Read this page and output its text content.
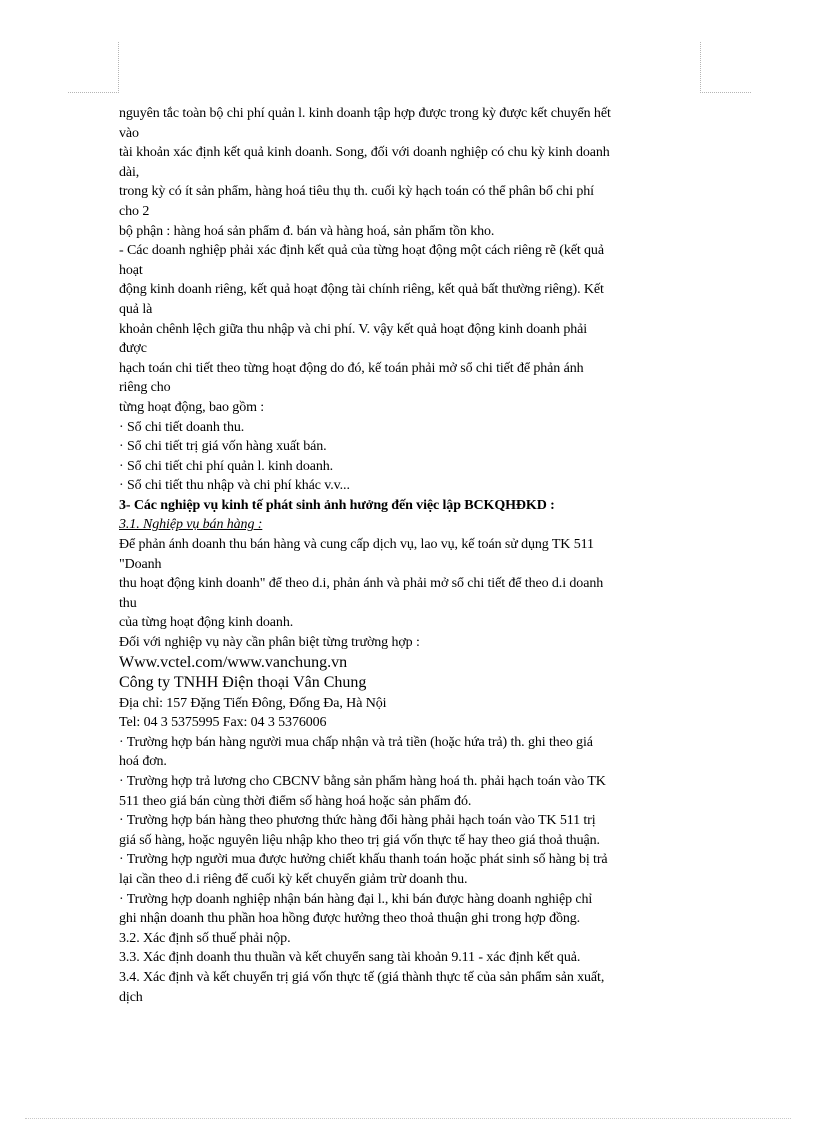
nguyên tắc toàn bộ chi phí quản l. kinh doanh tập hợp được trong kỳ được kết chuyển hết
vào
tài khoản xác định kết quả kinh doanh. Song, đối với doanh nghiệp có chu kỳ kinh doanh
dài,
trong kỳ có ít sản phẩm, hàng hoá tiêu thụ th. cuối kỳ hạch toán có thể phân bổ chi phí
cho 2
bộ phận : hàng hoá sản phẩm đ. bán và hàng hoá, sản phẩm tồn kho.
- Các doanh nghiệp phải xác định kết quả của từng hoạt động một cách riêng rẽ (kết quả
hoạt
động kinh doanh riêng, kết quả hoạt động tài chính riêng, kết quả bất thường riêng). Kết
quả là
khoản chênh lệch giữa thu nhập và chi phí. V. vậy kết quả hoạt động kinh doanh phải
được
hạch toán chi tiết theo từng hoạt động do đó, kế toán phải mở sổ chi tiết để phản ánh
riêng cho
từng hoạt động, bao gồm :
· Sổ chi tiết doanh thu.
· Sổ chi tiết trị giá vốn hàng xuất bán.
· Sổ chi tiết chi phí quản l. kinh doanh.
· Sổ chi tiết thu nhập và chi phí khác v.v...
3- Các nghiệp vụ kinh tế phát sinh ảnh hưởng đến việc lập BCKQHĐKD :
3.1. Nghiệp vụ bán hàng :
Để phản ánh doanh thu bán hàng và cung cấp dịch vụ, lao vụ, kế toán sử dụng TK 511
"Doanh
thu hoạt động kinh doanh" để theo d.i, phản ánh và phải mở sổ chi tiết để theo d.i doanh
thu
của từng hoạt động kinh doanh.
Đối với nghiệp vụ này cần phân biệt từng trường hợp :
Www.vctel.com/www.vanchung.vn
Công ty TNHH Điện thoại Vân Chung
Địa chỉ: 157 Đặng Tiến Đông, Đống Đa, Hà Nội
Tel: 04 3 5375995 Fax: 04 3 5376006
· Trường hợp bán hàng người mua chấp nhận và trả tiền (hoặc hứa trả) th. ghi theo giá
hoá đơn.
· Trường hợp trả lương cho CBCNV bằng sản phẩm hàng hoá th. phải hạch toán vào TK
511 theo giá bán cùng thời điểm số hàng hoá hoặc sản phẩm đó.
· Trường hợp bán hàng theo phương thức hàng đổi hàng phải hạch toán vào TK 511 trị
giá số hàng, hoặc nguyên liệu nhập kho theo trị giá vốn thực tế hay theo giá thoả thuận.
· Trường hợp người mua được hưởng chiết khấu thanh toán hoặc phát sinh số hàng bị trả
lại cần theo d.i riêng để cuối kỳ kết chuyển giảm trừ doanh thu.
· Trường hợp doanh nghiệp nhận bán hàng đại l., khi bán được hàng doanh nghiệp chỉ
ghi nhận doanh thu phần hoa hồng được hưởng theo thoả thuận ghi trong hợp đồng.
3.2. Xác định số thuế phải nộp.
3.3. Xác định doanh thu thuần và kết chuyển sang tài khoản 9.11 - xác định kết quả.
3.4. Xác định và kết chuyển trị giá vốn thực tế (giá thành thực tế của sản phẩm sản xuất,
dịch
